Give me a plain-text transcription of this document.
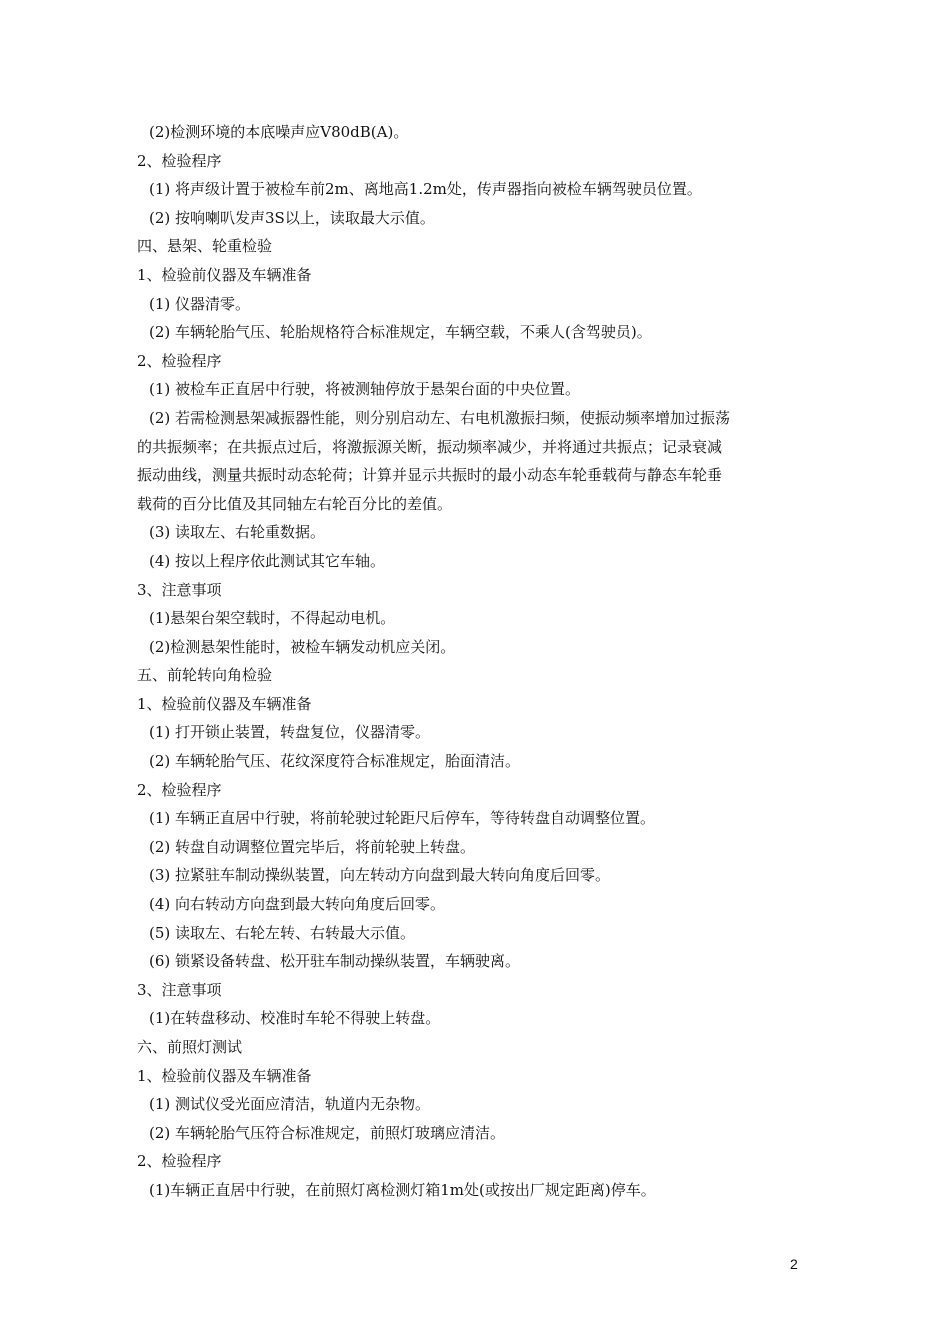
(2)检测环境的本底噪声应V80dB(A)。
2、检验程序
(1) 将声级计置于被检车前2m、离地高1.2m处，传声器指向被检车辆驾驶员位置。
(2) 按响喇叭发声3S以上，读取最大示值。
四、悬架、轮重检验
1、检验前仪器及车辆准备
(1) 仪器清零。
(2) 车辆轮胎气压、轮胎规格符合标准规定，车辆空载，不乘人(含驾驶员)。
2、检验程序
(1) 被检车正直居中行驶，将被测轴停放于悬架台面的中央位置。
(2) 若需检测悬架减振器性能，则分别启动左、右电机激振扫频，使振动频率增加过振荡
的共振频率；在共振点过后，将激振源关断，振动频率减少，并将通过共振点；记录衰减
振动曲线，测量共振时动态轮荷；计算并显示共振时的最小动态车轮垂载荷与静态车轮垂
载荷的百分比值及其同轴左右轮百分比的差值。
(3) 读取左、右轮重数据。
(4) 按以上程序依此测试其它车轴。
3、注意事项
(1)悬架台架空载时，不得起动电机。
(2)检测悬架性能时，被检车辆发动机应关闭。
五、前轮转向角检验
1、检验前仪器及车辆准备
(1) 打开锁止装置，转盘复位，仪器清零。
(2) 车辆轮胎气压、花纹深度符合标准规定，胎面清洁。
2、检验程序
(1) 车辆正直居中行驶，将前轮驶过轮距尺后停车，等待转盘自动调整位置。
(2) 转盘自动调整位置完毕后，将前轮驶上转盘。
(3) 拉紧驻车制动操纵装置，向左转动方向盘到最大转向角度后回零。
(4) 向右转动方向盘到最大转向角度后回零。
(5) 读取左、右轮左转、右转最大示值。
(6) 锁紧设备转盘、松开驻车制动操纵装置，车辆驶离。
3、注意事项
(1)在转盘移动、校准时车轮不得驶上转盘。
六、前照灯测试
1、检验前仪器及车辆准备
(1) 测试仪受光面应清洁，轨道内无杂物。
(2) 车辆轮胎气压符合标准规定，前照灯玻璃应清洁。
2、检验程序
(1)车辆正直居中行驶，在前照灯离检测灯箱1m处(或按出厂规定距离)停车。
2
